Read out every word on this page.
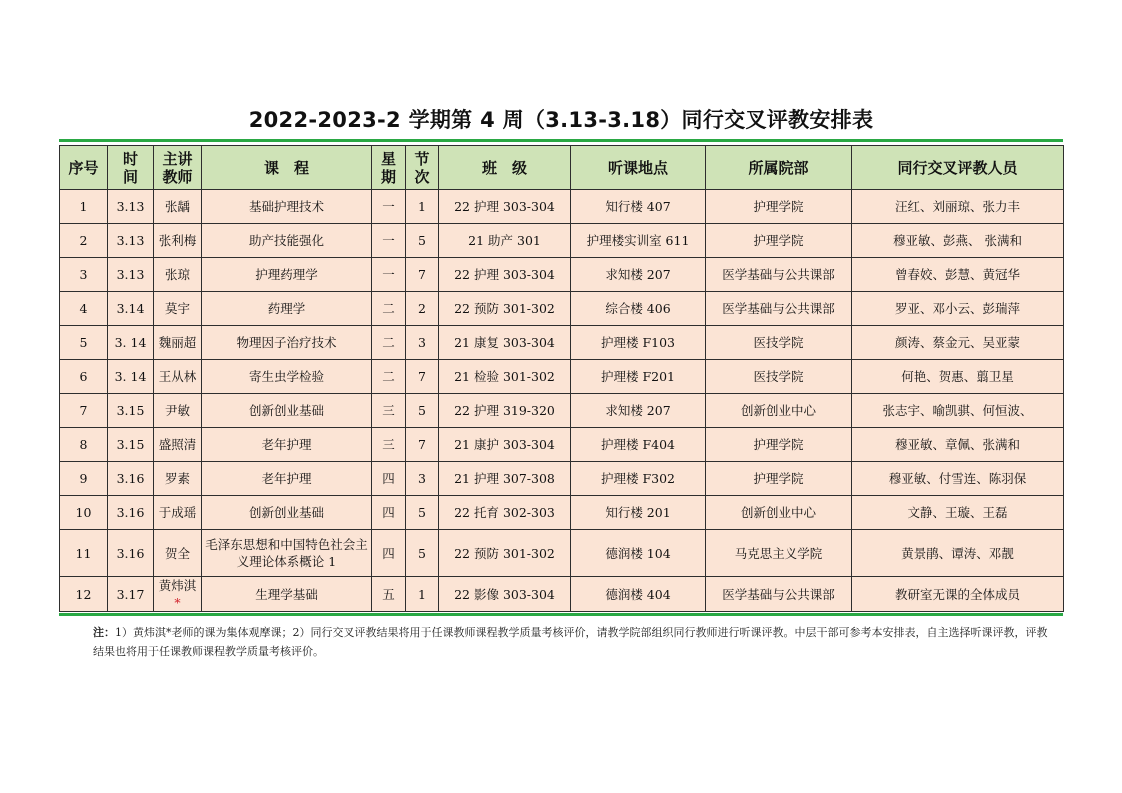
2022-2023-2 学期第 4 周（3.13-3.18）同行交叉评教安排表
序号	时间	主讲教师	课　程	星期	节次	班　级	听课地点	所属院部	同行交叉评教人员
1	3.13	张龋	基础护理技术	一	1	22 护理 303-304	知行楼 407	护理学院	汪红、刘丽琼、张力丰
2	3.13	张利梅	助产技能强化	一	5	21 助产 301	护理楼实训室 611	护理学院	穆亚敏、彭燕、 张满和
3	3.13	张琼	护理药理学	一	7	22 护理 303-304	求知楼 207	医学基础与公共课部	曾春姣、彭慧、黄冠华
4	3.14	莫宇	药理学	二	2	22 预防 301-302	综合楼 406	医学基础与公共课部	罗亚、邓小云、彭瑞萍
5	3. 14	魏丽超	物理因子治疗技术	二	3	21 康复 303-304	护理楼 F103	医技学院	颜涛、蔡金元、吴亚蒙
6	3. 14	王从林	寄生虫学检验	二	7	21 检验 301-302	护理楼 F201	医技学院	何艳、贺惠、翦卫星
7	3.15	尹敏	创新创业基础	三	5	22 护理 319-320	求知楼 207	创新创业中心	张志宇、喻凯骐、何恒波、
8	3.15	盛照清	老年护理	三	7	21 康护 303-304	护理楼 F404	护理学院	穆亚敏、章佩、张满和
9	3.16	罗素	老年护理	四	3	21 护理 307-308	护理楼 F302	护理学院	穆亚敏、付雪连、陈羽保
10	3.16	于成瑶	创新创业基础	四	5	22 托育 302-303	知行楼 201	创新创业中心	文静、王璇、王磊
11	3.16	贺全	毛泽东思想和中国特色社会主义理论体系概论 1	四	5	22 预防 301-302	德润楼 104	马克思主义学院	黄景鹃、谭涛、邓靓
12	3.17	黄炜淇*	生理学基础	五	1	22 影像 303-304	德润楼 404	医学基础与公共课部	教研室无课的全体成员
注：1）黄炜淇*老师的课为集体观摩课；2）同行交叉评教结果将用于任课教师课程教学质量考核评价，请教学院部组织同行教师进行听课评教。中层干部可参考本安排表，自主选择听课评教，评教结果也将用于任课教师课程教学质量考核评价。
